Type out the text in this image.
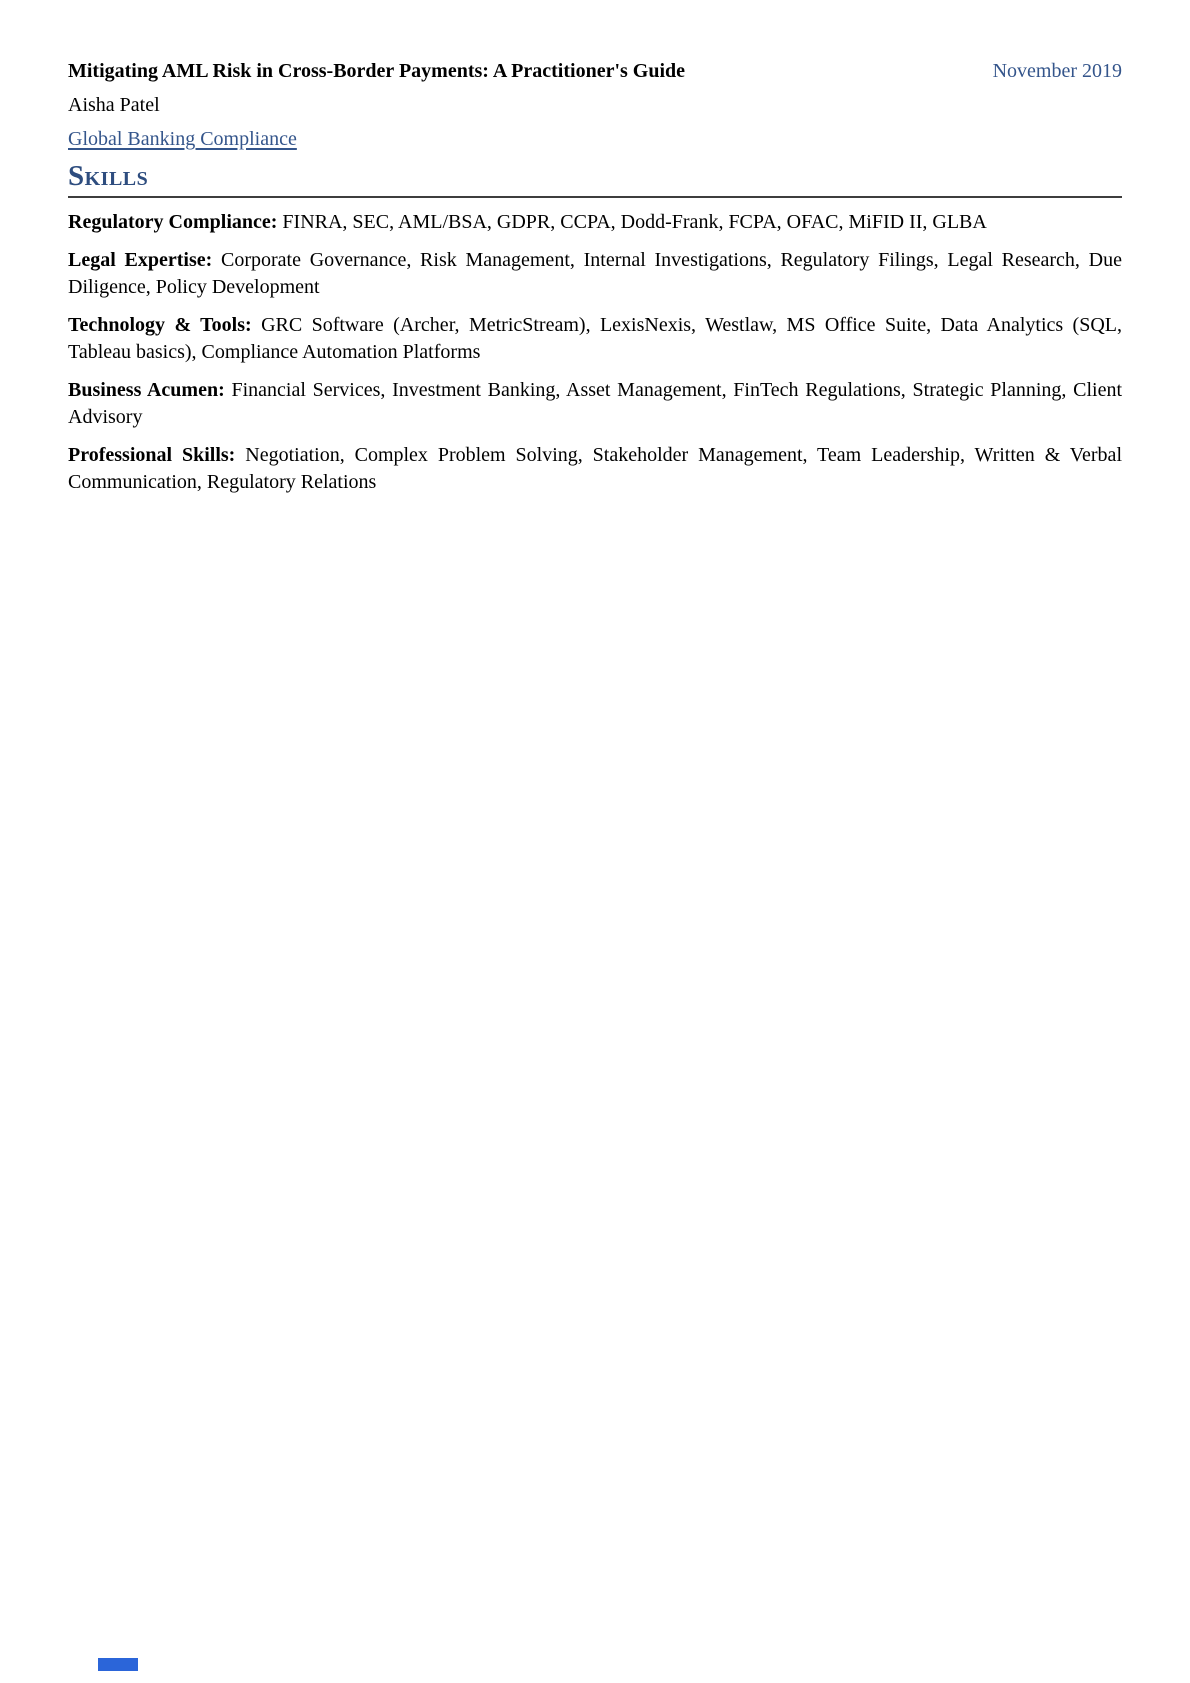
Mitigating AML Risk in Cross-Border Payments: A Practitioner's Guide	November 2019
Aisha Patel
Global Banking Compliance
Skills

Regulatory Compliance: FINRA, SEC, AML/BSA, GDPR, CCPA, Dodd-Frank, FCPA, OFAC, MiFID II, GLBA

Legal Expertise: Corporate Governance, Risk Management, Internal Investigations, Regulatory Filings, Legal Research, Due Diligence, Policy Development

Technology & Tools: GRC Software (Archer, MetricStream), LexisNexis, Westlaw, MS Office Suite, Data Analytics (SQL, Tableau basics), Compliance Automation Platforms

Business Acumen: Financial Services, Investment Banking, Asset Management, FinTech Regulations, Strategic Planning, Client Advisory

Professional Skills: Negotiation, Complex Problem Solving, Stakeholder Management, Team Leadership, Written & Verbal Communication, Regulatory Relations
